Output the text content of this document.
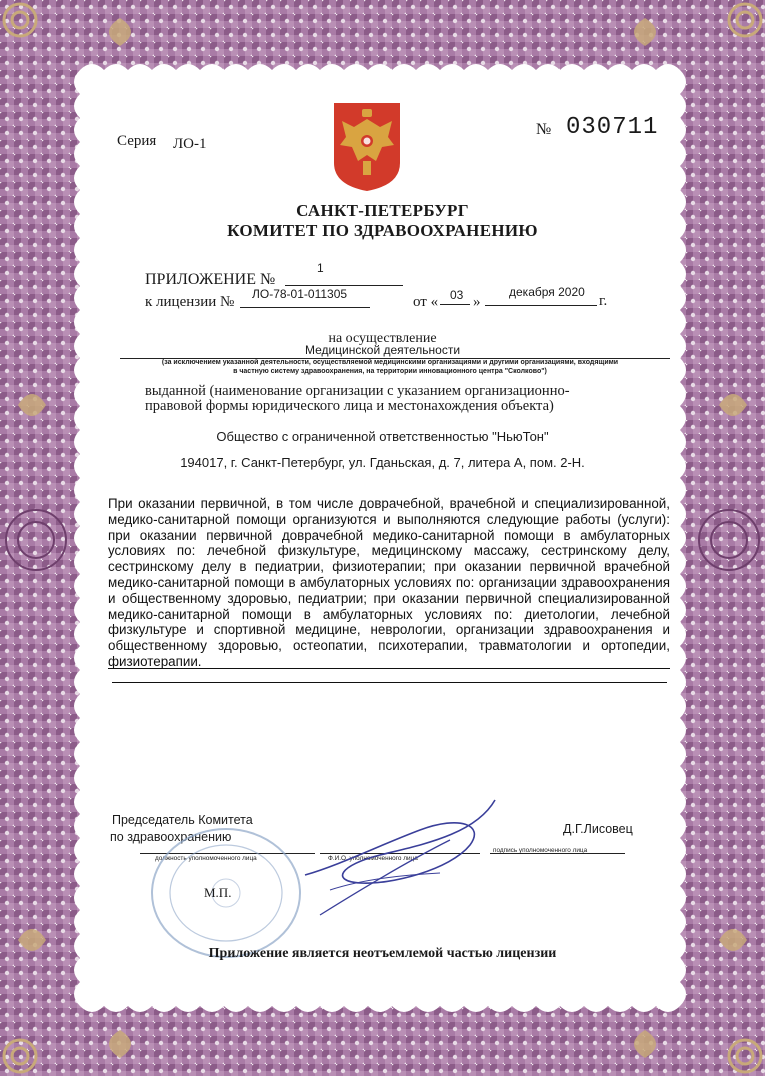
Серия ЛО-1
№ 030711
САНКТ-ПЕТЕРБУРГ
КОМИТЕТ ПО ЗДРАВООХРАНЕНИЮ
ПРИЛОЖЕНИЕ №
1
к лицензии № ЛО-78-01-011305	от « 03 »
декабря 2020
г.
на осуществление
Медицинской деятельности
(за исключением указанной деятельности, осуществляемой медицинскими организациями и другими организациями, входящими
в частную систему здравоохранения, на территории инновационного центра "Сколково")
выданной (наименование организации с указанием организационно-
правовой формы юридического лица и местонахождения объекта)
Общество с ограниченной ответственностью "НьюТон"
194017, г. Санкт-Петербург, ул. Гданьская, д. 7, литера А, пом. 2-Н.
При оказании первичной, в том числе доврачебной, врачебной и специализированной, медико-санитарной помощи организуются и выполняются следующие работы (услуги): при оказании первичной доврачебной медико-санитарной помощи в амбулаторных условиях по: лечебной физкультуре, медицинскому массажу, сестринскому делу, сестринскому делу в педиатрии, физиотерапии; при оказании первичной врачебной медико-санитарной помощи в амбулаторных условиях по: организации здравоохранения и общественному здоровью, педиатрии; при оказании первичной специализированной медико-санитарной помощи в амбулаторных условиях по: диетологии, лечебной физкультуре и спортивной медицине, неврологии, организации здравоохранения и общественному здоровью, остеопатии, психотерапии, травматологии и ортопедии, физиотерапии.
Председатель Комитета
по здравоохранению
Д.Г.Лисовец
должность уполномоченного лица	Ф.И.О. уполномоченного лица
подпись уполномоченного лица
М.П.
Приложение является неотъемлемой частью лицензии
